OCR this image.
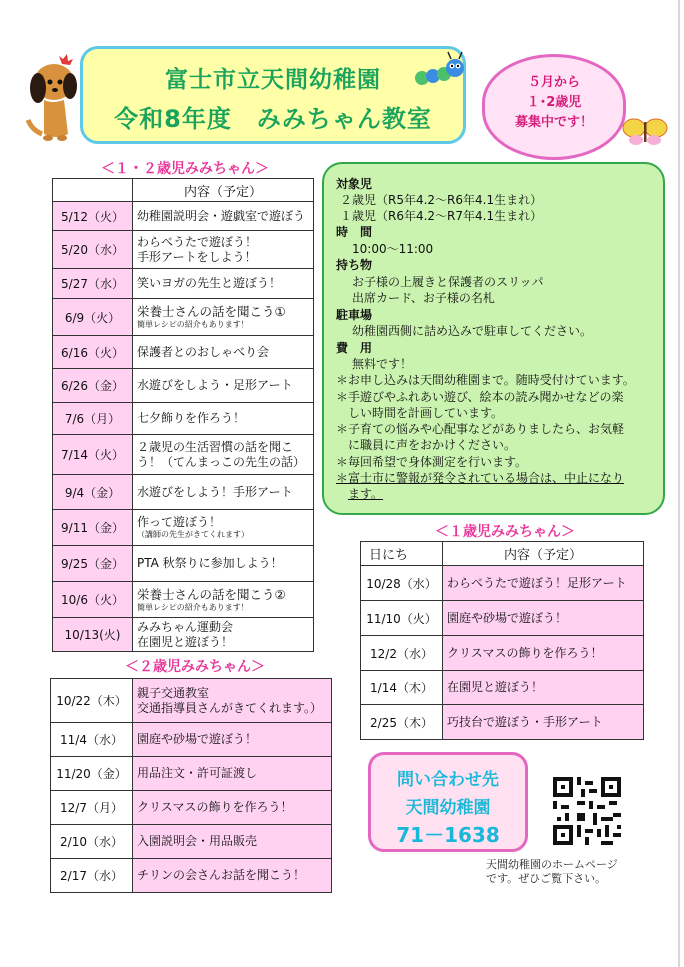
富士市立天間幼稚園
令和8年度　みみちゃん教室
５月から
１･2歳児
募集中です！
＜１・２歳児みみちゃん＞
	内容（予定）
5/12（火）	幼稚園説明会・遊戯室で遊ぼう
5/20（水）	わらべうたで遊ぼう！
手形アートをしよう！
5/27（水）	笑いヨガの先生と遊ぼう！
6/9（火）	栄養士さんの話を聞こう①
簡単レシピの紹介もあります！

6/16（火）	保護者とのおしゃべり会
6/26（金）	水遊びをしよう・足形アート
7/6（月）	七夕飾りを作ろう！
7/14（火）	２歳児の生活習慣の話を聞こ
う！（てんまっこの先生の話）
9/4（金）	水遊びをしよう！手形アート
9/11（金）	作って遊ぼう！
（講師の先生がきてくれます）

9/25（金）	PTA 秋祭りに参加しよう！
10/6（火）	栄養士さんの話を聞こう②
簡単レシピの紹介もあります！

10/13(火)	みみちゃん運動会
在園児と遊ぼう！
＜２歳児みみちゃん＞
10/22（木）	親子交通教室
交通指導員さんがきてくれます。）
11/4（水）	園庭や砂場で遊ぼう！
11/20（金）	用品注文・許可証渡し
12/7（月）	クリスマスの飾りを作ろう！
2/10（水）	入園説明会・用品販売
2/17（水）	チリンの会さんお話を聞こう！
対象児
２歳児（R5年4.2～R6年4.1生まれ）
１歳児（R6年4.2～R7年4.1生まれ）
時　間
10:00～11:00
持ち物
お子様の上履きと保護者のスリッパ
出席カード、お子様の名札
駐車場
幼稚園西側に詰め込みで駐車してください。
費　用
無料です！
＊お申し込みは天間幼稚園まで。随時受付けています。
＊手遊びやふれあい遊び、絵本の読み聞かせなどの楽
しい時間を計画しています。
＊子育ての悩みや心配事などがありましたら、お気軽
に職員に声をおかけください。
＊毎回希望で身体測定を行います。
＊富士市に警報が発令されている場合は、中止になり
ます。
＜１歳児みみちゃん＞
日にち	内容（予定）
10/28（水）	わらべうたで遊ぼう！足形アート
11/10（火）	園庭や砂場で遊ぼう！
12/2（水）	クリスマスの飾りを作ろう！
1/14（木）	在園児と遊ぼう！
2/25（木）	巧技台で遊ぼう・手形アート
問い合わせ先
天間幼稚園
71－1638
天間幼稚園のホームページ
です。ぜひご覧下さい。
